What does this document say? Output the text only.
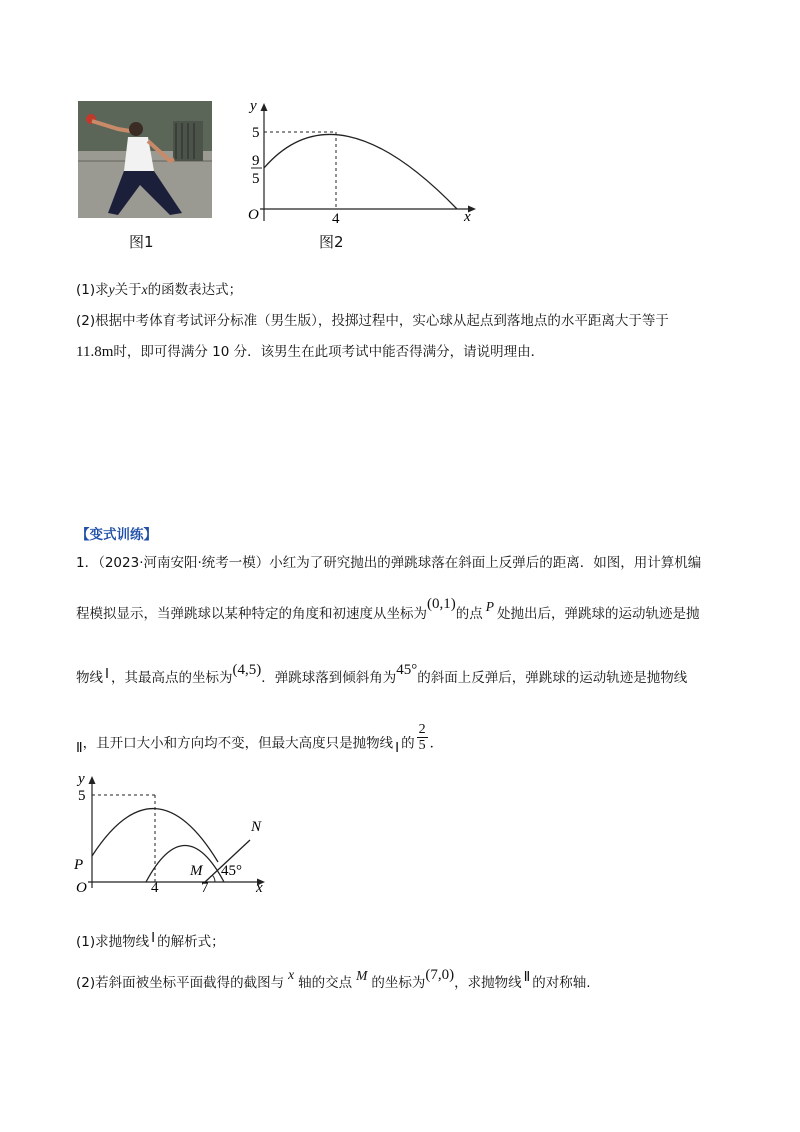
图1
y
x
O
5
4
9
5
图2
(1)求y关于x的函数表达式；
(2)根据中考体育考试评分标准（男生版），投掷过程中，实心球从起点到落地点的水平距离大于等于
11.8m时，即可得满分 10 分．该男生在此项考试中能否得满分，请说明理由．
【变式训练】
1．（2023·河南安阳·统考一模）小红为了研究抛出的弹跳球落在斜面上反弹后的距离．如图，用计算机编
程模拟显示，当弹跳球以某种特定的角度和初速度从坐标为(0,1)的点 P 处抛出后，弹跳球的运动轨迹是抛
物线 Ⅰ ，其最高点的坐标为(4,5)．弹跳球落到倾斜角为45°的斜面上反弹后，弹跳球的运动轨迹是抛物线
Ⅱ，且开口大小和方向均不变，但最大高度只是抛物线 Ⅰ 的 $\frac{2}{5}$ ．
y
x
O
5
4	7
P	M
N
45°
(1)求抛物线 Ⅰ 的解析式；
(2)若斜面被坐标平面截得的截图与x轴的交点 M 的坐标为(7,0)，求抛物线 Ⅱ 的对称轴.
